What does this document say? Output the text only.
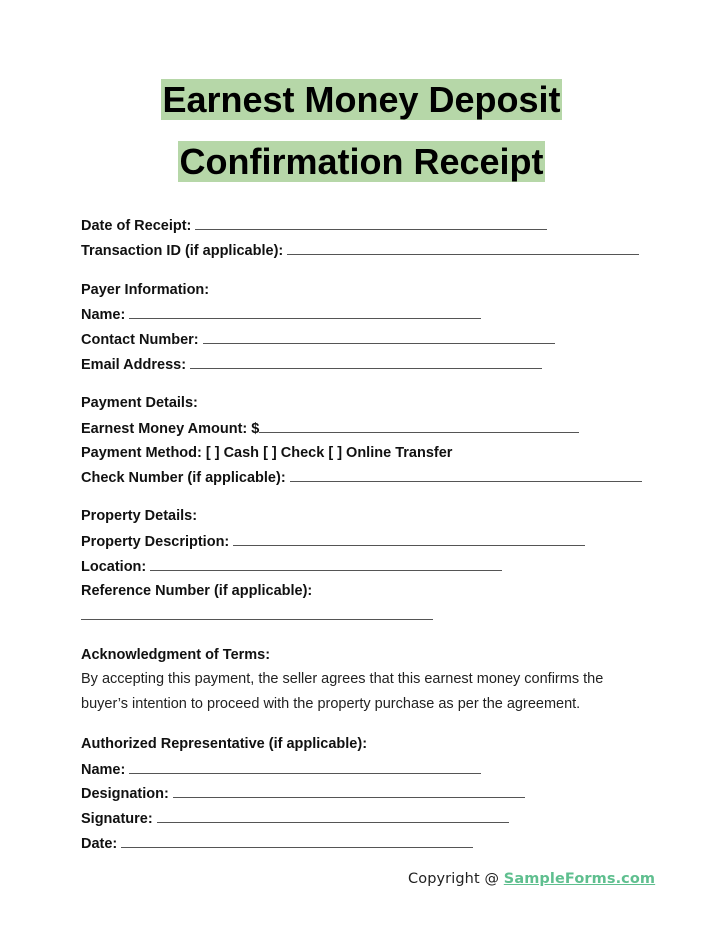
Earnest Money Deposit
Confirmation Receipt
Date of Receipt:
Transaction ID (if applicable):
Payer Information:
Name:
Contact Number:
Email Address:
Payment Details:
Earnest Money Amount: $
Payment Method: [ ] Cash [ ] Check [ ] Online Transfer
Check Number (if applicable):
Property Details:
Property Description:
Location:
Reference Number (if applicable):
Acknowledgment of Terms:
By accepting this payment, the seller agrees that this earnest money confirms the buyer’s intention to proceed with the property purchase as per the agreement.
Authorized Representative (if applicable):
Name:
Designation:
Signature:
Date:
Copyright @ SampleForms.com
